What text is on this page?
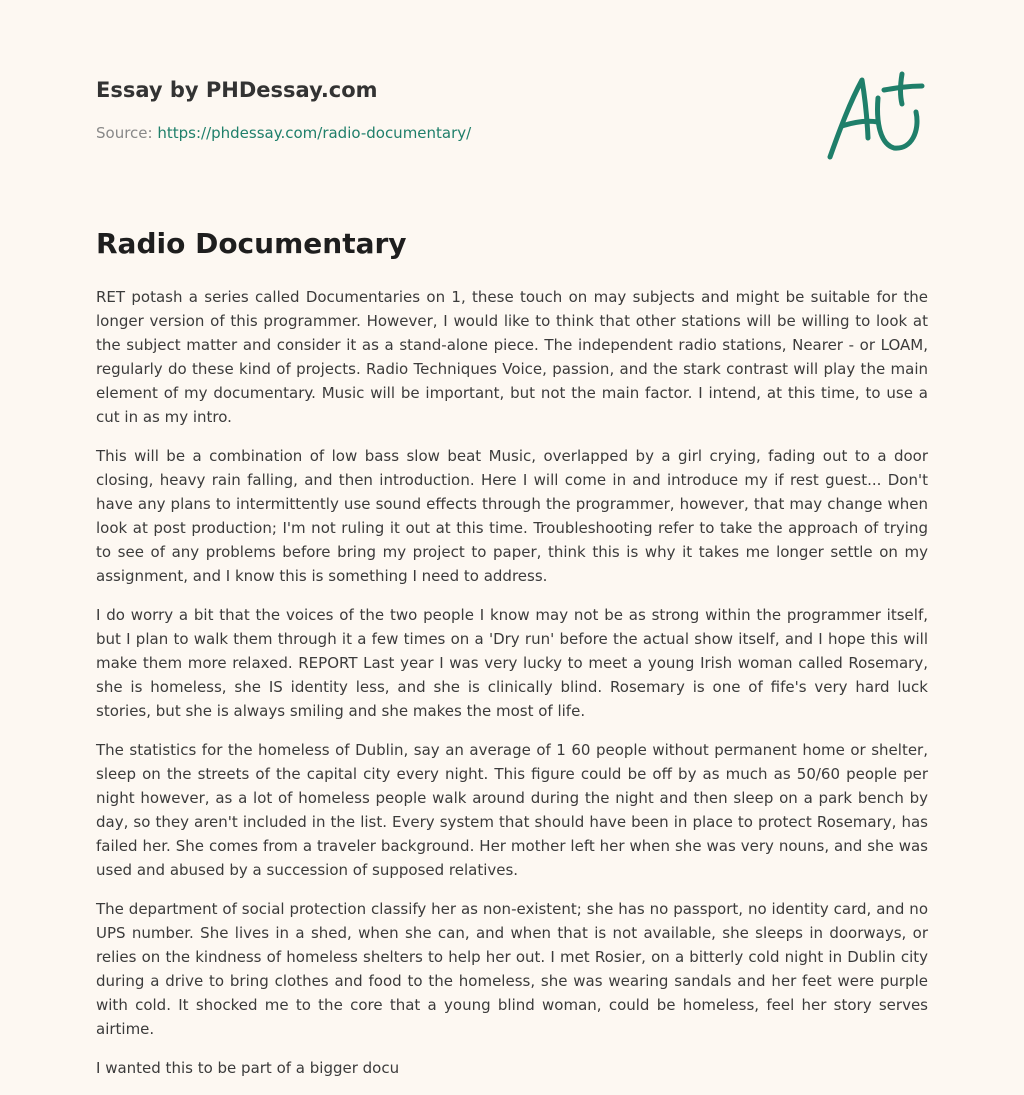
Essay by PHDessay.com
Source: https://phdessay.com/radio-documentary/
Radio Documentary

RET potash a series called Documentaries on 1, these touch on may subjects and might be suitable for the longer version of this programmer. However, I would like to think that other stations will be willing to look at the subject matter and consider it as a stand-alone piece. The independent radio stations, Nearer - or LOAM, regularly do these kind of projects. Radio Techniques Voice, passion, and the stark contrast will play the main element of my documentary. Music will be important, but not the main factor. I intend, at this time, to use a cut in as my intro.

This will be a combination of low bass slow beat Music, overlapped by a girl crying, fading out to a door closing, heavy rain falling, and then introduction. Here I will come in and introduce my if rest guest... Don't have any plans to intermittently use sound effects through the programmer, however, that may change when look at post production; I'm not ruling it out at this time. Troubleshooting refer to take the approach of trying to see of any problems before bring my project to paper, think this is why it takes me longer settle on my assignment, and I know this is something I need to address.

I do worry a bit that the voices of the two people I know may not be as strong within the programmer itself, but I plan to walk them through it a few times on a 'Dry run' before the actual show itself, and I hope this will make them more relaxed. REPORT Last year I was very lucky to meet a young Irish woman called Rosemary, she is homeless, she IS identity less, and she is clinically blind. Rosemary is one of fife's very hard luck stories, but she is always smiling and she makes the most of life.

The statistics for the homeless of Dublin, say an average of 1 60 people without permanent home or shelter, sleep on the streets of the capital city every night. This figure could be off by as much as 50/60 people per night however, as a lot of homeless people walk around during the night and then sleep on a park bench by day, so they aren't included in the list. Every system that should have been in place to protect Rosemary, has failed her. She comes from a traveler background. Her mother left her when she was very nouns, and she was used and abused by a succession of supposed relatives.

The department of social protection classify her as non-existent; she has no passport, no identity card, and no UPS number. She lives in a shed, when she can, and when that is not available, she sleeps in doorways, or relies on the kindness of homeless shelters to help her out. I met Rosier, on a bitterly cold night in Dublin city during a drive to bring clothes and food to the homeless, she was wearing sandals and her feet were purple with cold. It shocked me to the core that a young blind woman, could be homeless, feel her story serves airtime.

I wanted this to be part of a bigger docu
